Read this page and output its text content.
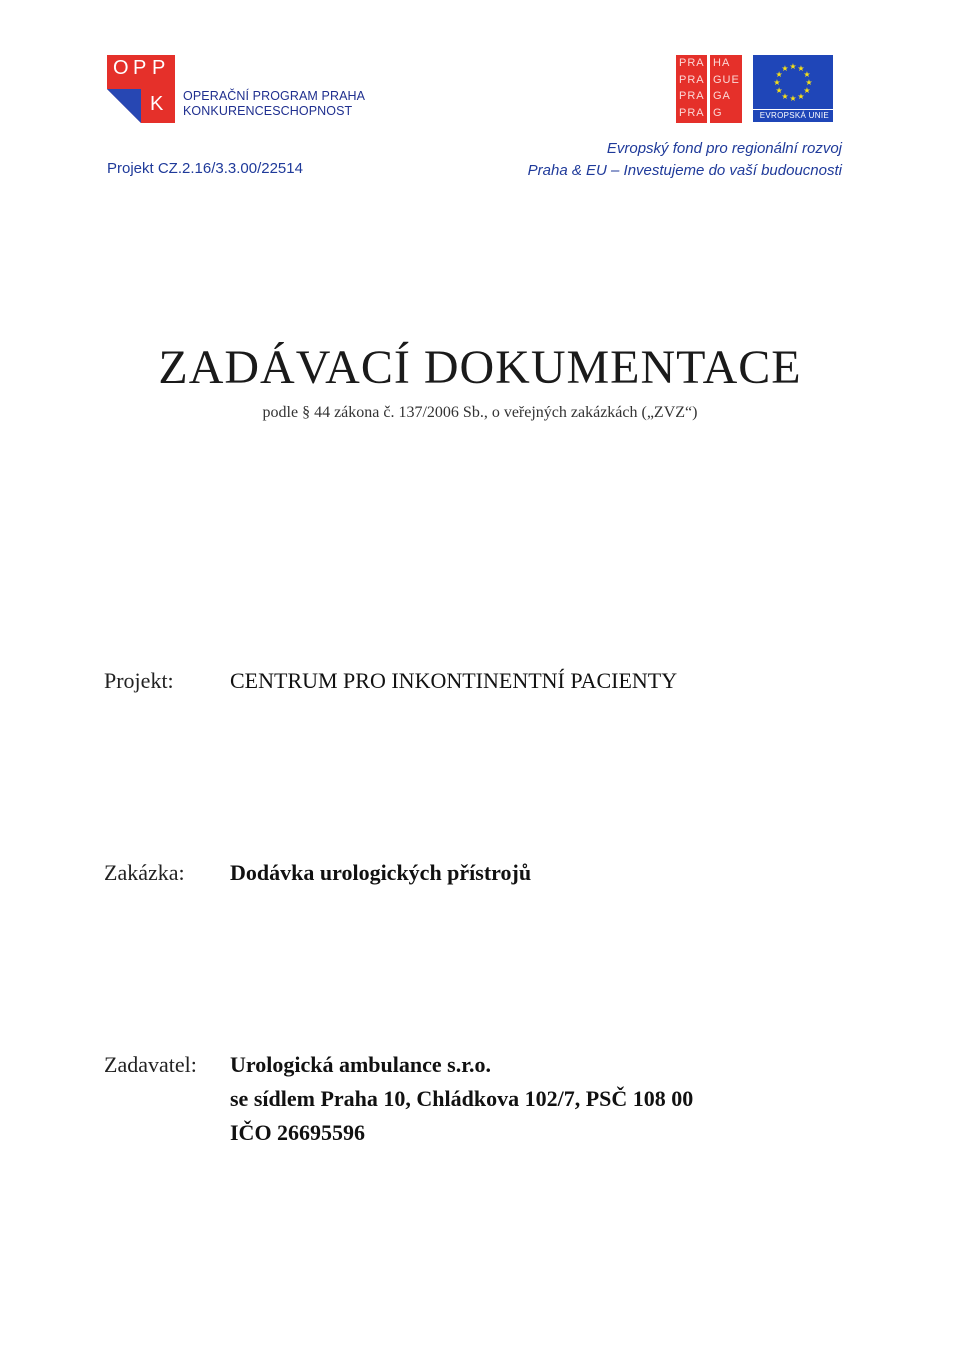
O P P
K OPERAČNÍ PROGRAM PRAHA
KONKURENCESCHOPNOST
Projekt CZ.2.16/3.3.00/22514
PRA
PRA
PRA
PRA
HA
GUE
GA
G
★ ★
★
★
★
★
★
★
★
★
★
★
EVROPSKÁ UNIE
Evropský fond pro regionální rozvoj
Praha & EU – Investujeme do vaší budoucnosti
ZADÁVACÍ DOKUMENTACE
podle § 44 zákona č. 137/2006 Sb., o veřejných zakázkách („ZVZ“)
Projekt:	CENTRUM PRO INKONTINENTNÍ PACIENTY
Zakázka: Dodávka urologických přístrojů
Zadavatel: Urologická ambulance s.r.o.
se sídlem Praha 10, Chládkova 102/7, PSČ 108 00
IČO 26695596
